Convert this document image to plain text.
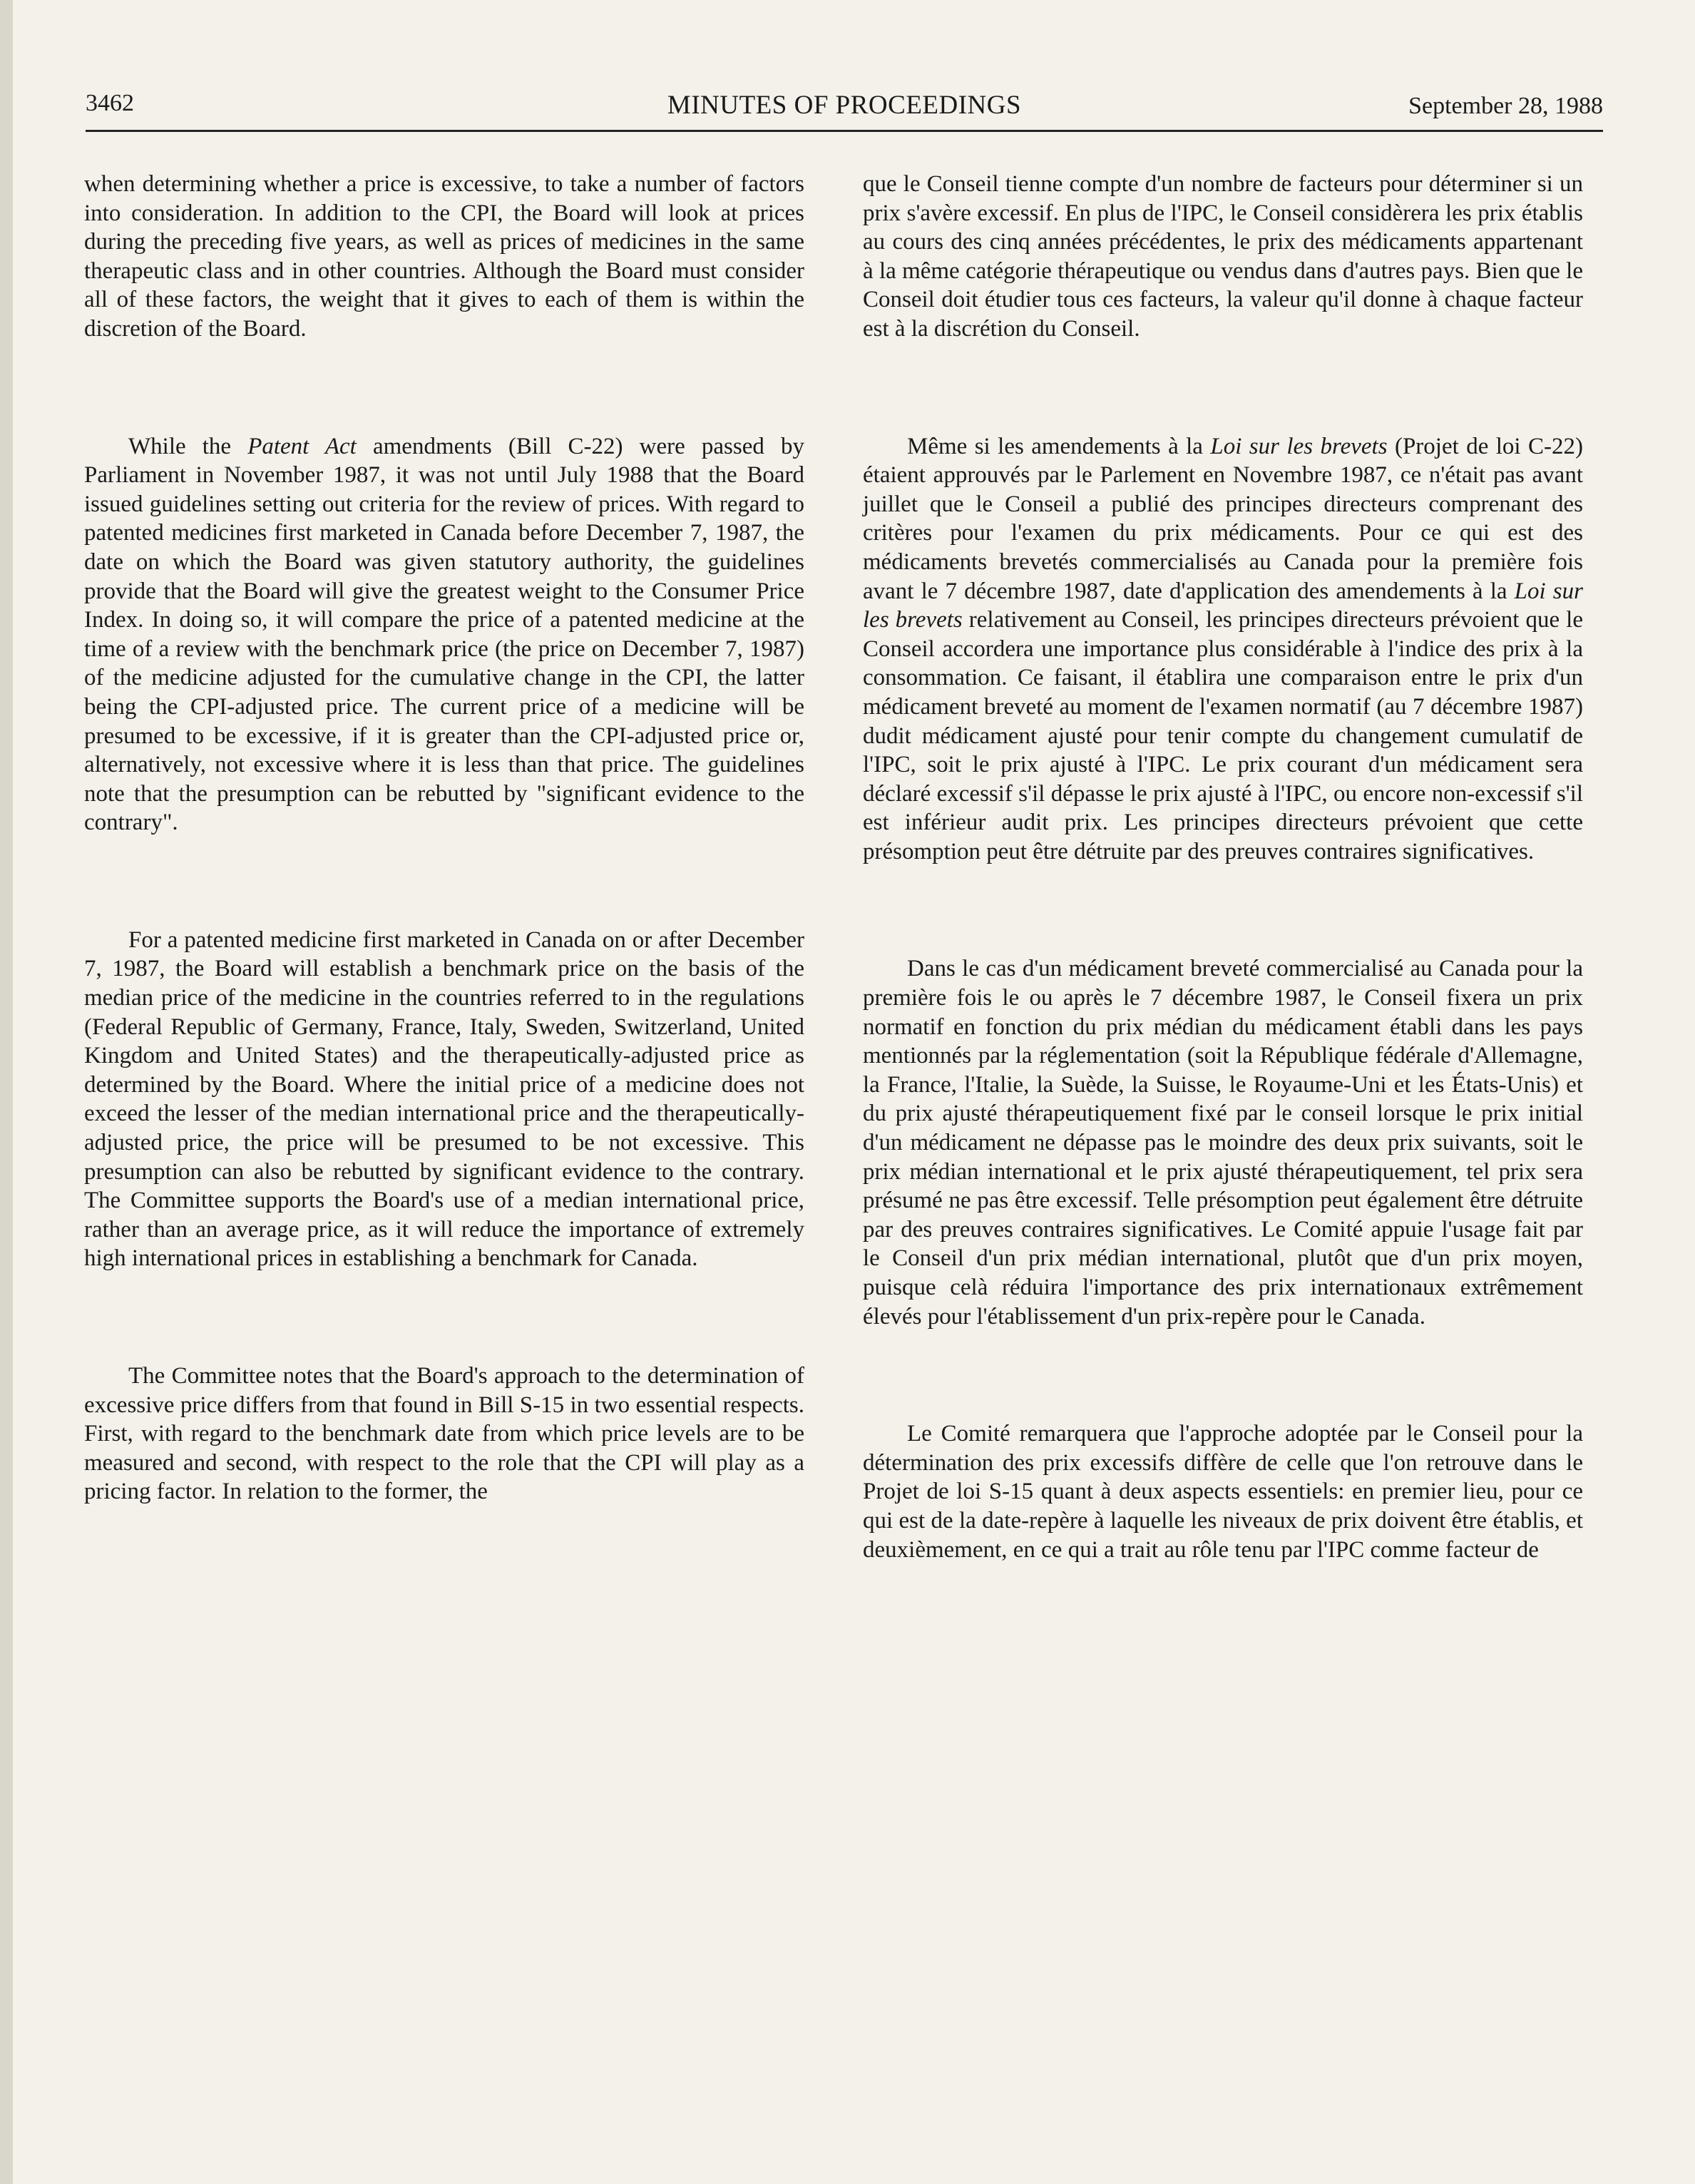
3462	MINUTES OF PROCEEDINGS	September 28, 1988

when determining whether a price is excessive, to take a number of factors into consideration. In addition to the CPI, the Board will look at prices during the preceding five years, as well as prices of medicines in the same therapeutic class and in other countries. Although the Board must consider all of these factors, the weight that it gives to each of them is within the discretion of the Board.

While the Patent Act amendments (Bill C-22) were passed by Parliament in November 1987, it was not until July 1988 that the Board issued guidelines setting out criteria for the review of prices. With regard to patented medicines first marketed in Canada before December 7, 1987, the date on which the Board was given statutory authority, the guidelines provide that the Board will give the greatest weight to the Consumer Price Index. In doing so, it will compare the price of a patented medicine at the time of a review with the benchmark price (the price on December 7, 1987) of the medicine adjusted for the cumulative change in the CPI, the latter being the CPI-adjusted price. The current price of a medicine will be presumed to be excessive, if it is greater than the CPI-adjusted price or, alternatively, not excessive where it is less than that price. The guidelines note that the presumption can be rebutted by "significant evidence to the contrary".

For a patented medicine first marketed in Canada on or after December 7, 1987, the Board will establish a benchmark price on the basis of the median price of the medicine in the countries referred to in the regulations (Federal Republic of Germany, France, Italy, Sweden, Switzerland, United Kingdom and United States) and the therapeutically-adjusted price as determined by the Board. Where the initial price of a medicine does not exceed the lesser of the median international price and the therapeutically-adjusted price, the price will be presumed to be not excessive. This presumption can also be rebutted by significant evidence to the contrary. The Committee supports the Board's use of a median international price, rather than an average price, as it will reduce the importance of extremely high international prices in establishing a benchmark for Canada.

The Committee notes that the Board's approach to the determination of excessive price differs from that found in Bill S-15 in two essential respects. First, with regard to the benchmark date from which price levels are to be measured and second, with respect to the role that the CPI will play as a pricing factor. In relation to the former, the

que le Conseil tienne compte d'un nombre de facteurs pour déterminer si un prix s'avère excessif. En plus de l'IPC, le Conseil considèrera les prix établis au cours des cinq années précédentes, le prix des médicaments appartenant à la même catégorie thérapeutique ou vendus dans d'autres pays. Bien que le Conseil doit étudier tous ces facteurs, la valeur qu'il donne à chaque facteur est à la discrétion du Conseil.

Même si les amendements à la Loi sur les brevets (Projet de loi C-22) étaient approuvés par le Parlement en Novembre 1987, ce n'était pas avant juillet que le Conseil a publié des principes directeurs comprenant des critères pour l'examen du prix médicaments. Pour ce qui est des médicaments brevetés commercialisés au Canada pour la première fois avant le 7 décembre 1987, date d'application des amendements à la Loi sur les brevets relativement au Conseil, les principes directeurs prévoient que le Conseil accordera une importance plus considérable à l'indice des prix à la consommation. Ce faisant, il établira une comparaison entre le prix d'un médicament breveté au moment de l'examen normatif (au 7 décembre 1987) dudit médicament ajusté pour tenir compte du changement cumulatif de l'IPC, soit le prix ajusté à l'IPC. Le prix courant d'un médicament sera déclaré excessif s'il dépasse le prix ajusté à l'IPC, ou encore non-excessif s'il est inférieur audit prix. Les principes directeurs prévoient que cette présomption peut être détruite par des preuves contraires significatives.

Dans le cas d'un médicament breveté commercialisé au Canada pour la première fois le ou après le 7 décembre 1987, le Conseil fixera un prix normatif en fonction du prix médian du médicament établi dans les pays mentionnés par la réglementation (soit la République fédérale d'Allemagne, la France, l'Italie, la Suède, la Suisse, le Royaume-Uni et les États-Unis) et du prix ajusté thérapeutiquement fixé par le conseil lorsque le prix initial d'un médicament ne dépasse pas le moindre des deux prix suivants, soit le prix médian international et le prix ajusté thérapeutiquement, tel prix sera présumé ne pas être excessif. Telle présomption peut également être détruite par des preuves contraires significatives. Le Comité appuie l'usage fait par le Conseil d'un prix médian international, plutôt que d'un prix moyen, puisque celà réduira l'importance des prix internationaux extrêmement élevés pour l'établissement d'un prix-repère pour le Canada.

Le Comité remarquera que l'approche adoptée par le Conseil pour la détermination des prix excessifs diffère de celle que l'on retrouve dans le Projet de loi S-15 quant à deux aspects essentiels: en premier lieu, pour ce qui est de la date-repère à laquelle les niveaux de prix doivent être établis, et deuxièmement, en ce qui a trait au rôle tenu par l'IPC comme facteur de
